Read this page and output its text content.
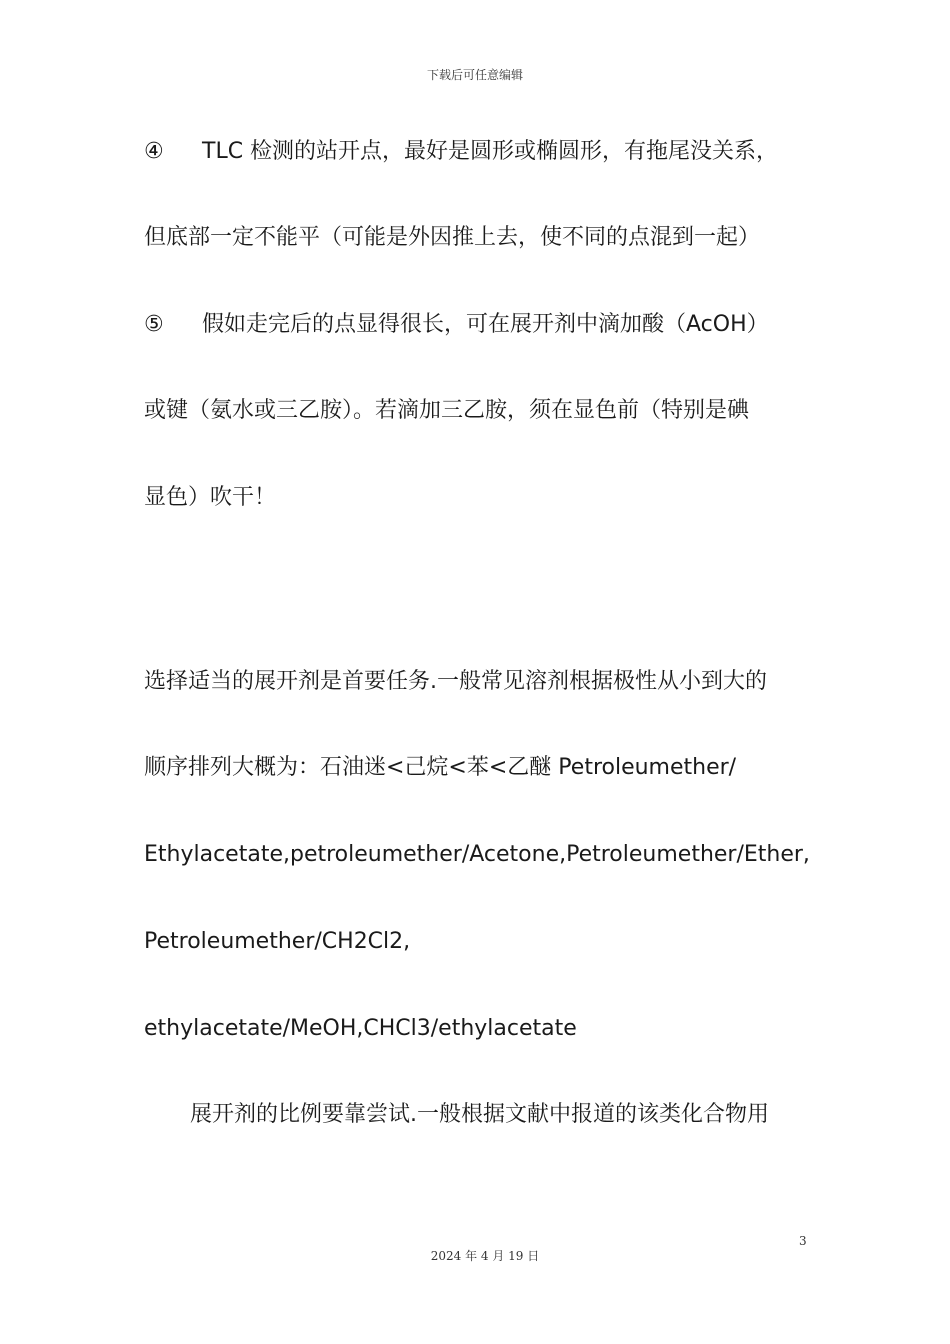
下载后可任意编辑
④ TLC 检测的站开点，最好是圆形或椭圆形，有拖尾没关系，
但底部一定不能平（可能是外因推上去，使不同的点混到一起）
⑤ 假如走完后的点显得很长，可在展开剂中滴加酸（AcOH）
或键（氨水或三乙胺）。若滴加三乙胺，须在显色前（特别是碘
显色）吹干！
选择适当的展开剂是首要任务.一般常见溶剂根据极性从小到大的
顺序排列大概为：石油迷<己烷<苯<乙醚 Petroleumether/
Ethylacetate,petroleumether/Acetone,Petroleumether/Ether,
Petroleumether/CH2Cl2,
ethylacetate/MeOH,CHCl3/ethylacetate
展开剂的比例要靠尝试.一般根据文献中报道的该类化合物用
3
2024 年 4 月 19 日
